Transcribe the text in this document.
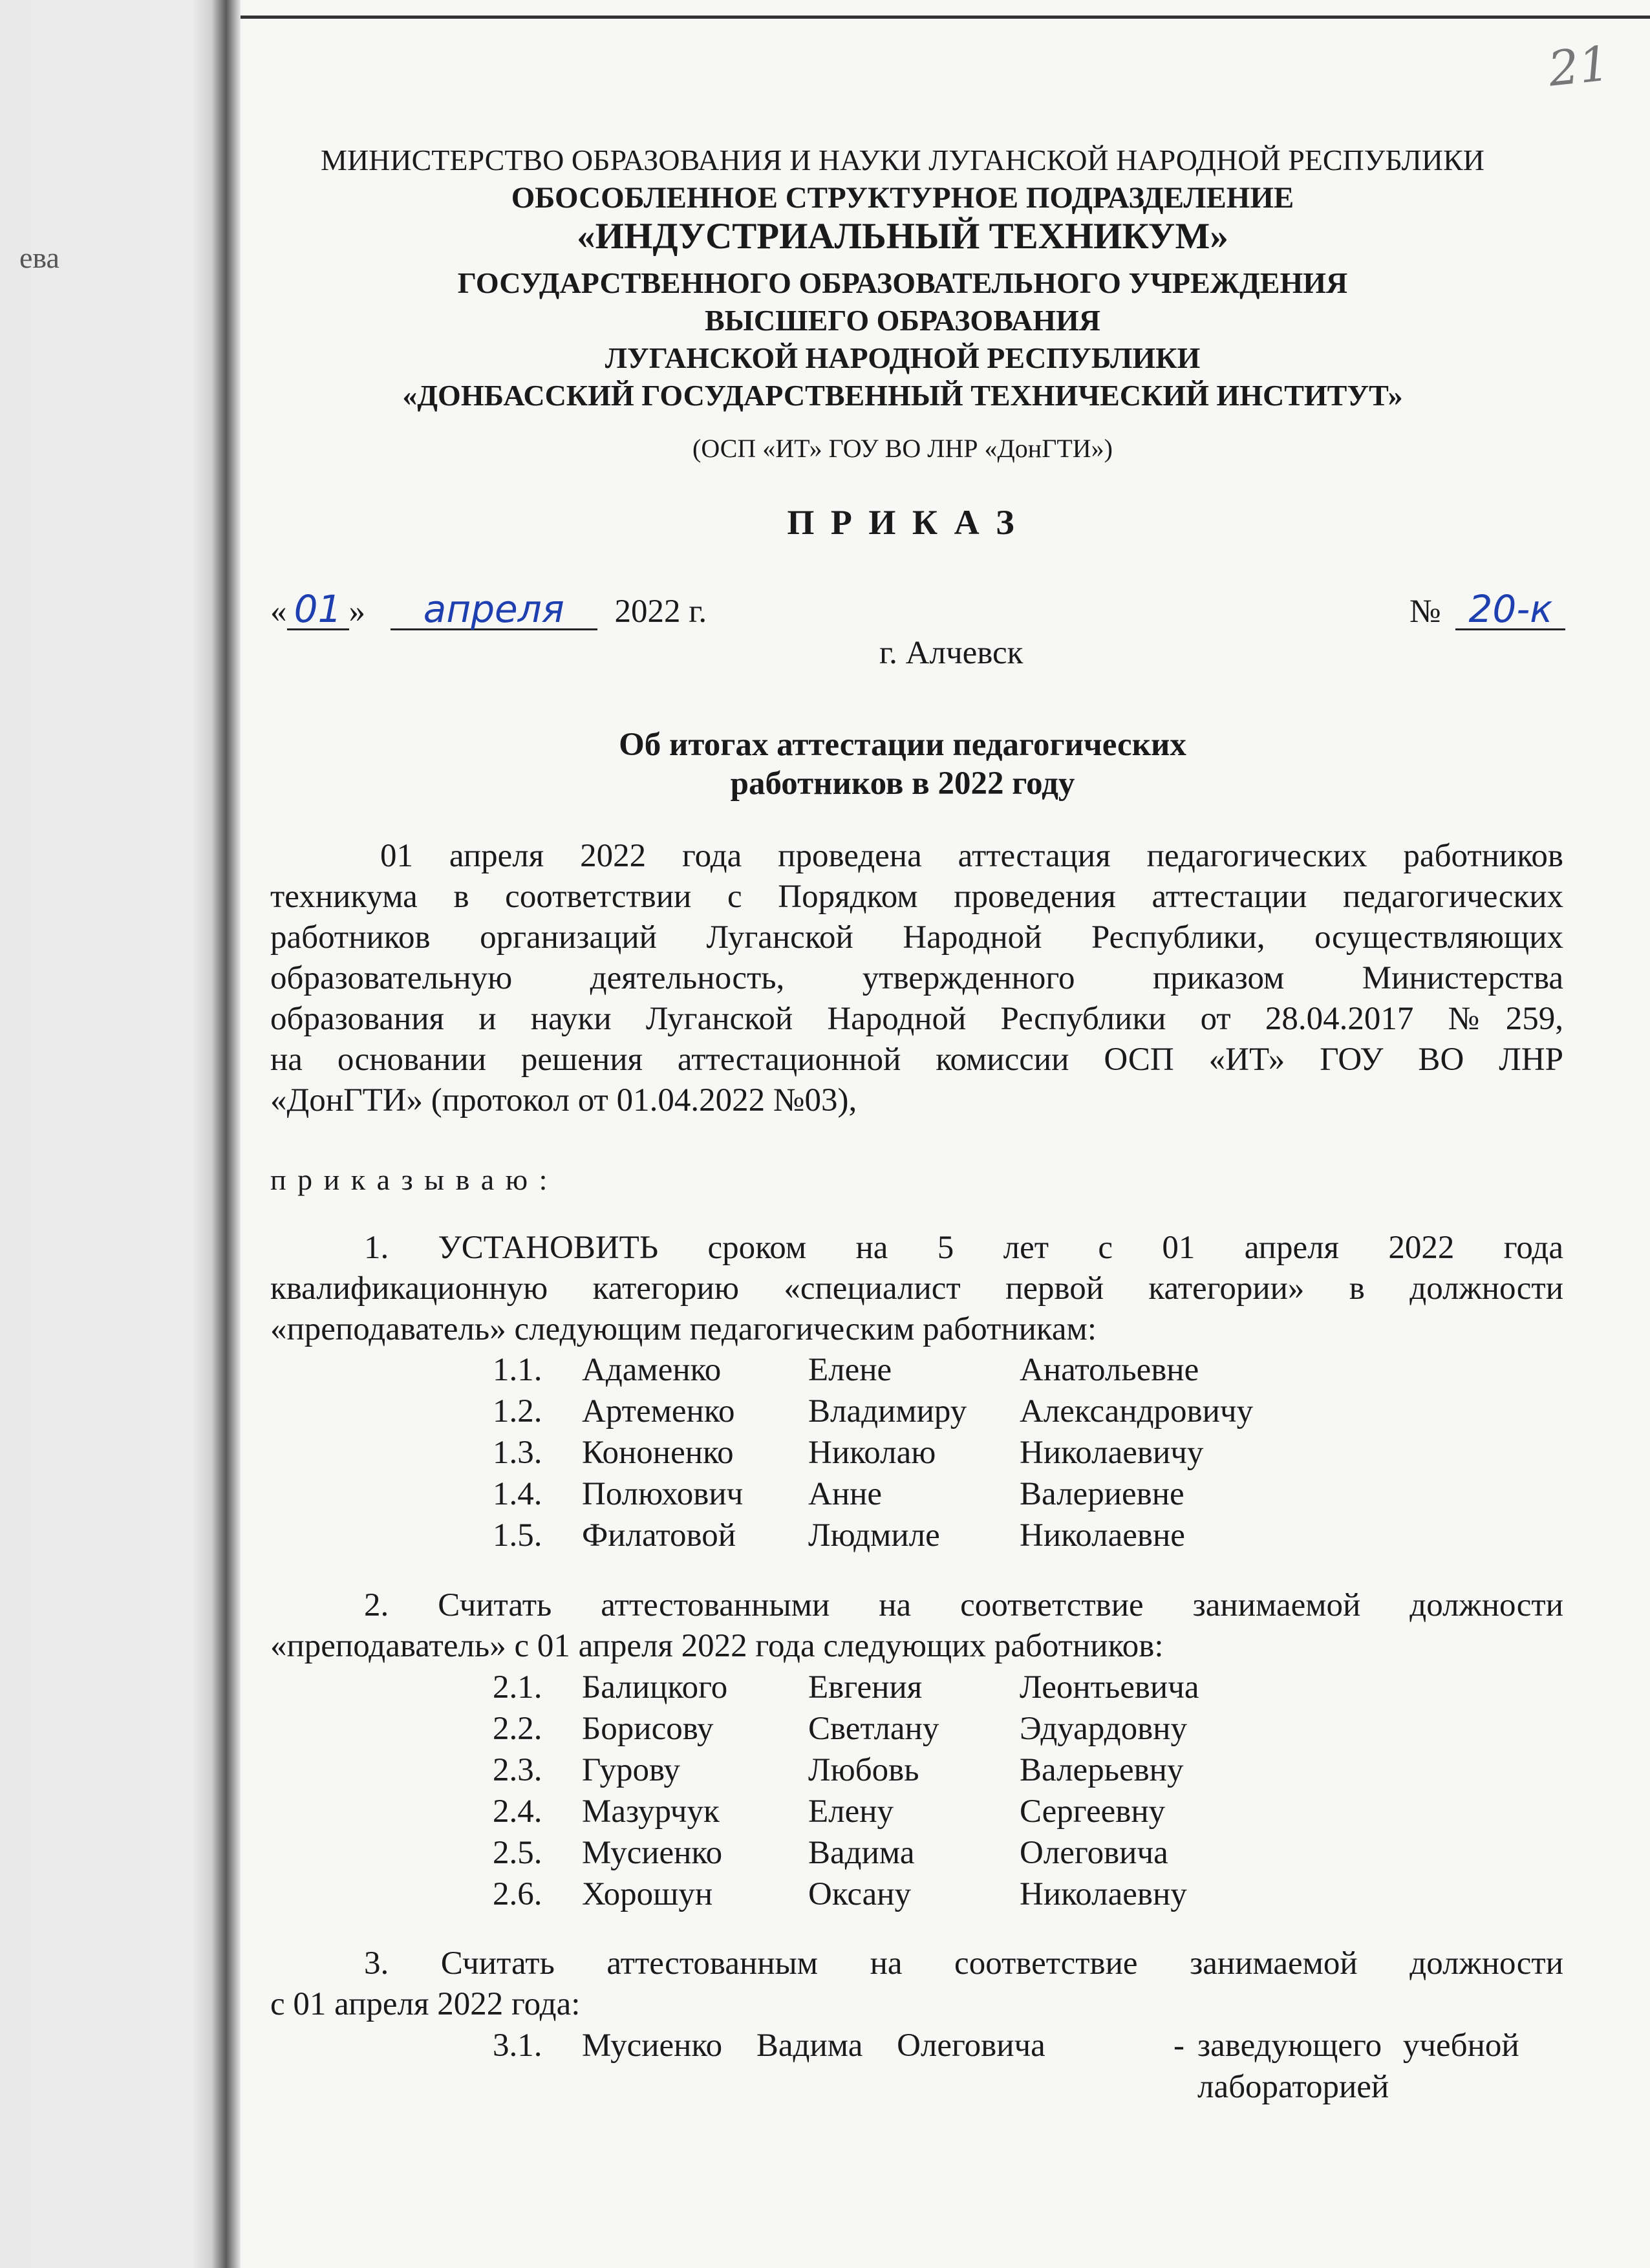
ева
21
МИНИСТЕРСТВО ОБРАЗОВАНИЯ И НАУКИ ЛУГАНСКОЙ НАРОДНОЙ РЕСПУБЛИКИ
ОБОСОБЛЕННОЕ СТРУКТУРНОЕ ПОДРАЗДЕЛЕНИЕ
«ИНДУСТРИАЛЬНЫЙ ТЕХНИКУМ»
ГОСУДАРСТВЕННОГО ОБРАЗОВАТЕЛЬНОГО УЧРЕЖДЕНИЯ
ВЫСШЕГО ОБРАЗОВАНИЯ
ЛУГАНСКОЙ НАРОДНОЙ РЕСПУБЛИКИ
«ДОНБАССКИЙ ГОСУДАРСТВЕННЫЙ ТЕХНИЧЕСКИЙ ИНСТИТУТ»
(ОСП «ИТ» ГОУ ВО ЛНР «ДонГТИ»)
П Р И К А З
« 01 » апреля 2022 г.	№ 20-к
г. Алчевск
Об итогах аттестации педагогических
работников в 2022 году
01 апреля 2022 года проведена аттестация педагогических работников
техникума в соответствии с Порядком проведения аттестации педагогических
работников организаций Луганской Народной Республики, осуществляющих
образовательную деятельность, утвержденного приказом Министерства
образования и науки Луганской Народной Республики от 28.04.2017 №259,
на основании решения аттестационной комиссии ОСП «ИТ» ГОУ ВО ЛНР
«ДонГТИ» (протокол от 01.04.2022 №03),
п р и к а з ы в а ю :
1. УСТАНОВИТЬ сроком на 5 лет с 01 апреля 2022 года
квалификационную категорию «специалист первой категории» в должности
«преподаватель» следующим педагогическим работникам:
1.1. Адаменко	Елене	Анатольевне
1.2. Артеменко Владимиру Александровичу
1.3. Кононенко Николаю	Николаевичу
1.4. Полюхович Анне	Валериевне
1.5. Филатовой Людмиле Николаевне
2. Считать аттестованными на соответствие занимаемой должности
«преподаватель» с 01 апреля 2022 года следующих работников:
2.1. Балицкого Евгения	Леонтьевича
2.2. Борисову	Светлану Эдуардовну
2.3. Гурову	Любовь	Валерьевну
2.4. Мазурчук	Елену	Сергеевну
2.5. Мусиенко	Вадима	Олеговича
2.6. Хорошун	Оксану	Николаевну
3. Считать аттестованным на соответствие занимаемой должности
с 01 апреля 2022 года:
3.1. Мусиенко Вадима Олеговича	- заведующего учебной
лабораторией
